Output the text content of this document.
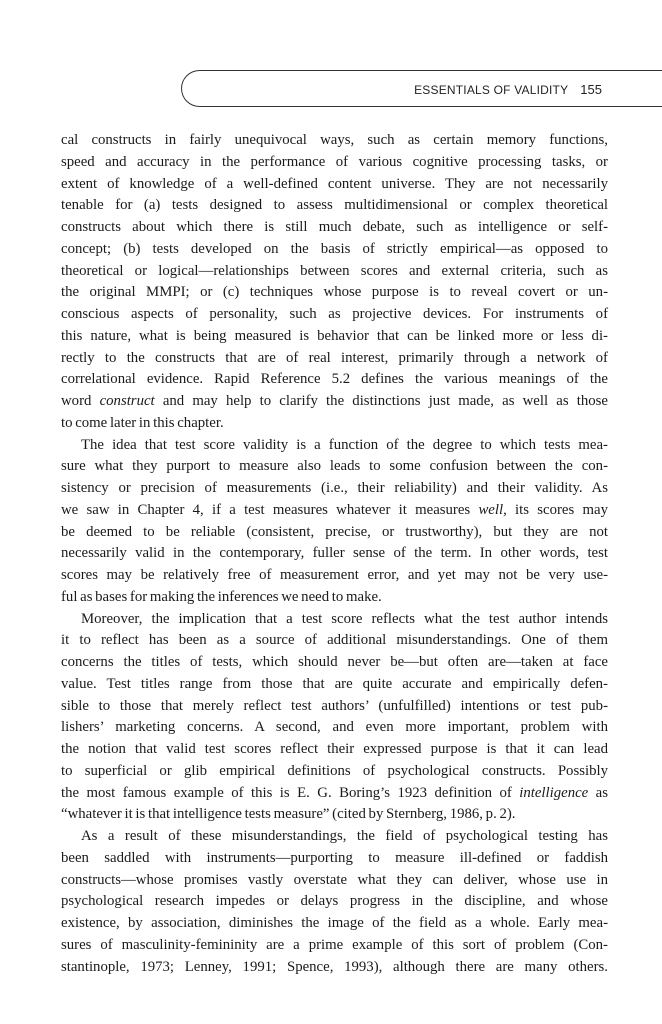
ESSENTIALS OF VALIDITY 155
cal constructs in fairly unequivocal ways, such as certain memory functions,
speed and accuracy in the performance of various cognitive processing tasks, or
extent of knowledge of a well-defined content universe. They are not necessarily
tenable for (a) tests designed to assess multidimensional or complex theoretical
constructs about which there is still much debate, such as intelligence or self-
concept; (b) tests developed on the basis of strictly empirical—as opposed to
theoretical or logical—relationships between scores and external criteria, such as
the original MMPI; or (c) techniques whose purpose is to reveal covert or un-
conscious aspects of personality, such as projective devices. For instruments of
this nature, what is being measured is behavior that can be linked more or less di-
rectly to the constructs that are of real interest, primarily through a network of
correlational evidence. Rapid Reference 5.2 defines the various meanings of the
word construct and may help to clarify the distinctions just made, as well as those
to come later in this chapter.
The idea that test score validity is a function of the degree to which tests mea-
sure what they purport to measure also leads to some confusion between the con-
sistency or precision of measurements (i.e., their reliability) and their validity. As
we saw in Chapter 4, if a test measures whatever it measures well, its scores may
be deemed to be reliable (consistent, precise, or trustworthy), but they are not
necessarily valid in the contemporary, fuller sense of the term. In other words, test
scores may be relatively free of measurement error, and yet may not be very use-
ful as bases for making the inferences we need to make.
Moreover, the implication that a test score reflects what the test author intends
it to reflect has been as a source of additional misunderstandings. One of them
concerns the titles of tests, which should never be—but often are—taken at face
value. Test titles range from those that are quite accurate and empirically defen-
sible to those that merely reflect test authors’ (unfulfilled) intentions or test pub-
lishers’ marketing concerns. A second, and even more important, problem with
the notion that valid test scores reflect their expressed purpose is that it can lead
to superficial or glib empirical definitions of psychological constructs. Possibly
the most famous example of this is E. G. Boring’s 1923 definition of intelligence as
“whatever it is that intelligence tests measure” (cited by Sternberg, 1986, p. 2).
As a result of these misunderstandings, the field of psychological testing has
been saddled with instruments—purporting to measure ill-defined or faddish
constructs—whose promises vastly overstate what they can deliver, whose use in
psychological research impedes or delays progress in the discipline, and whose
existence, by association, diminishes the image of the field as a whole. Early mea-
sures of masculinity-femininity are a prime example of this sort of problem (Con-
stantinople, 1973; Lenney, 1991; Spence, 1993), although there are many others.
